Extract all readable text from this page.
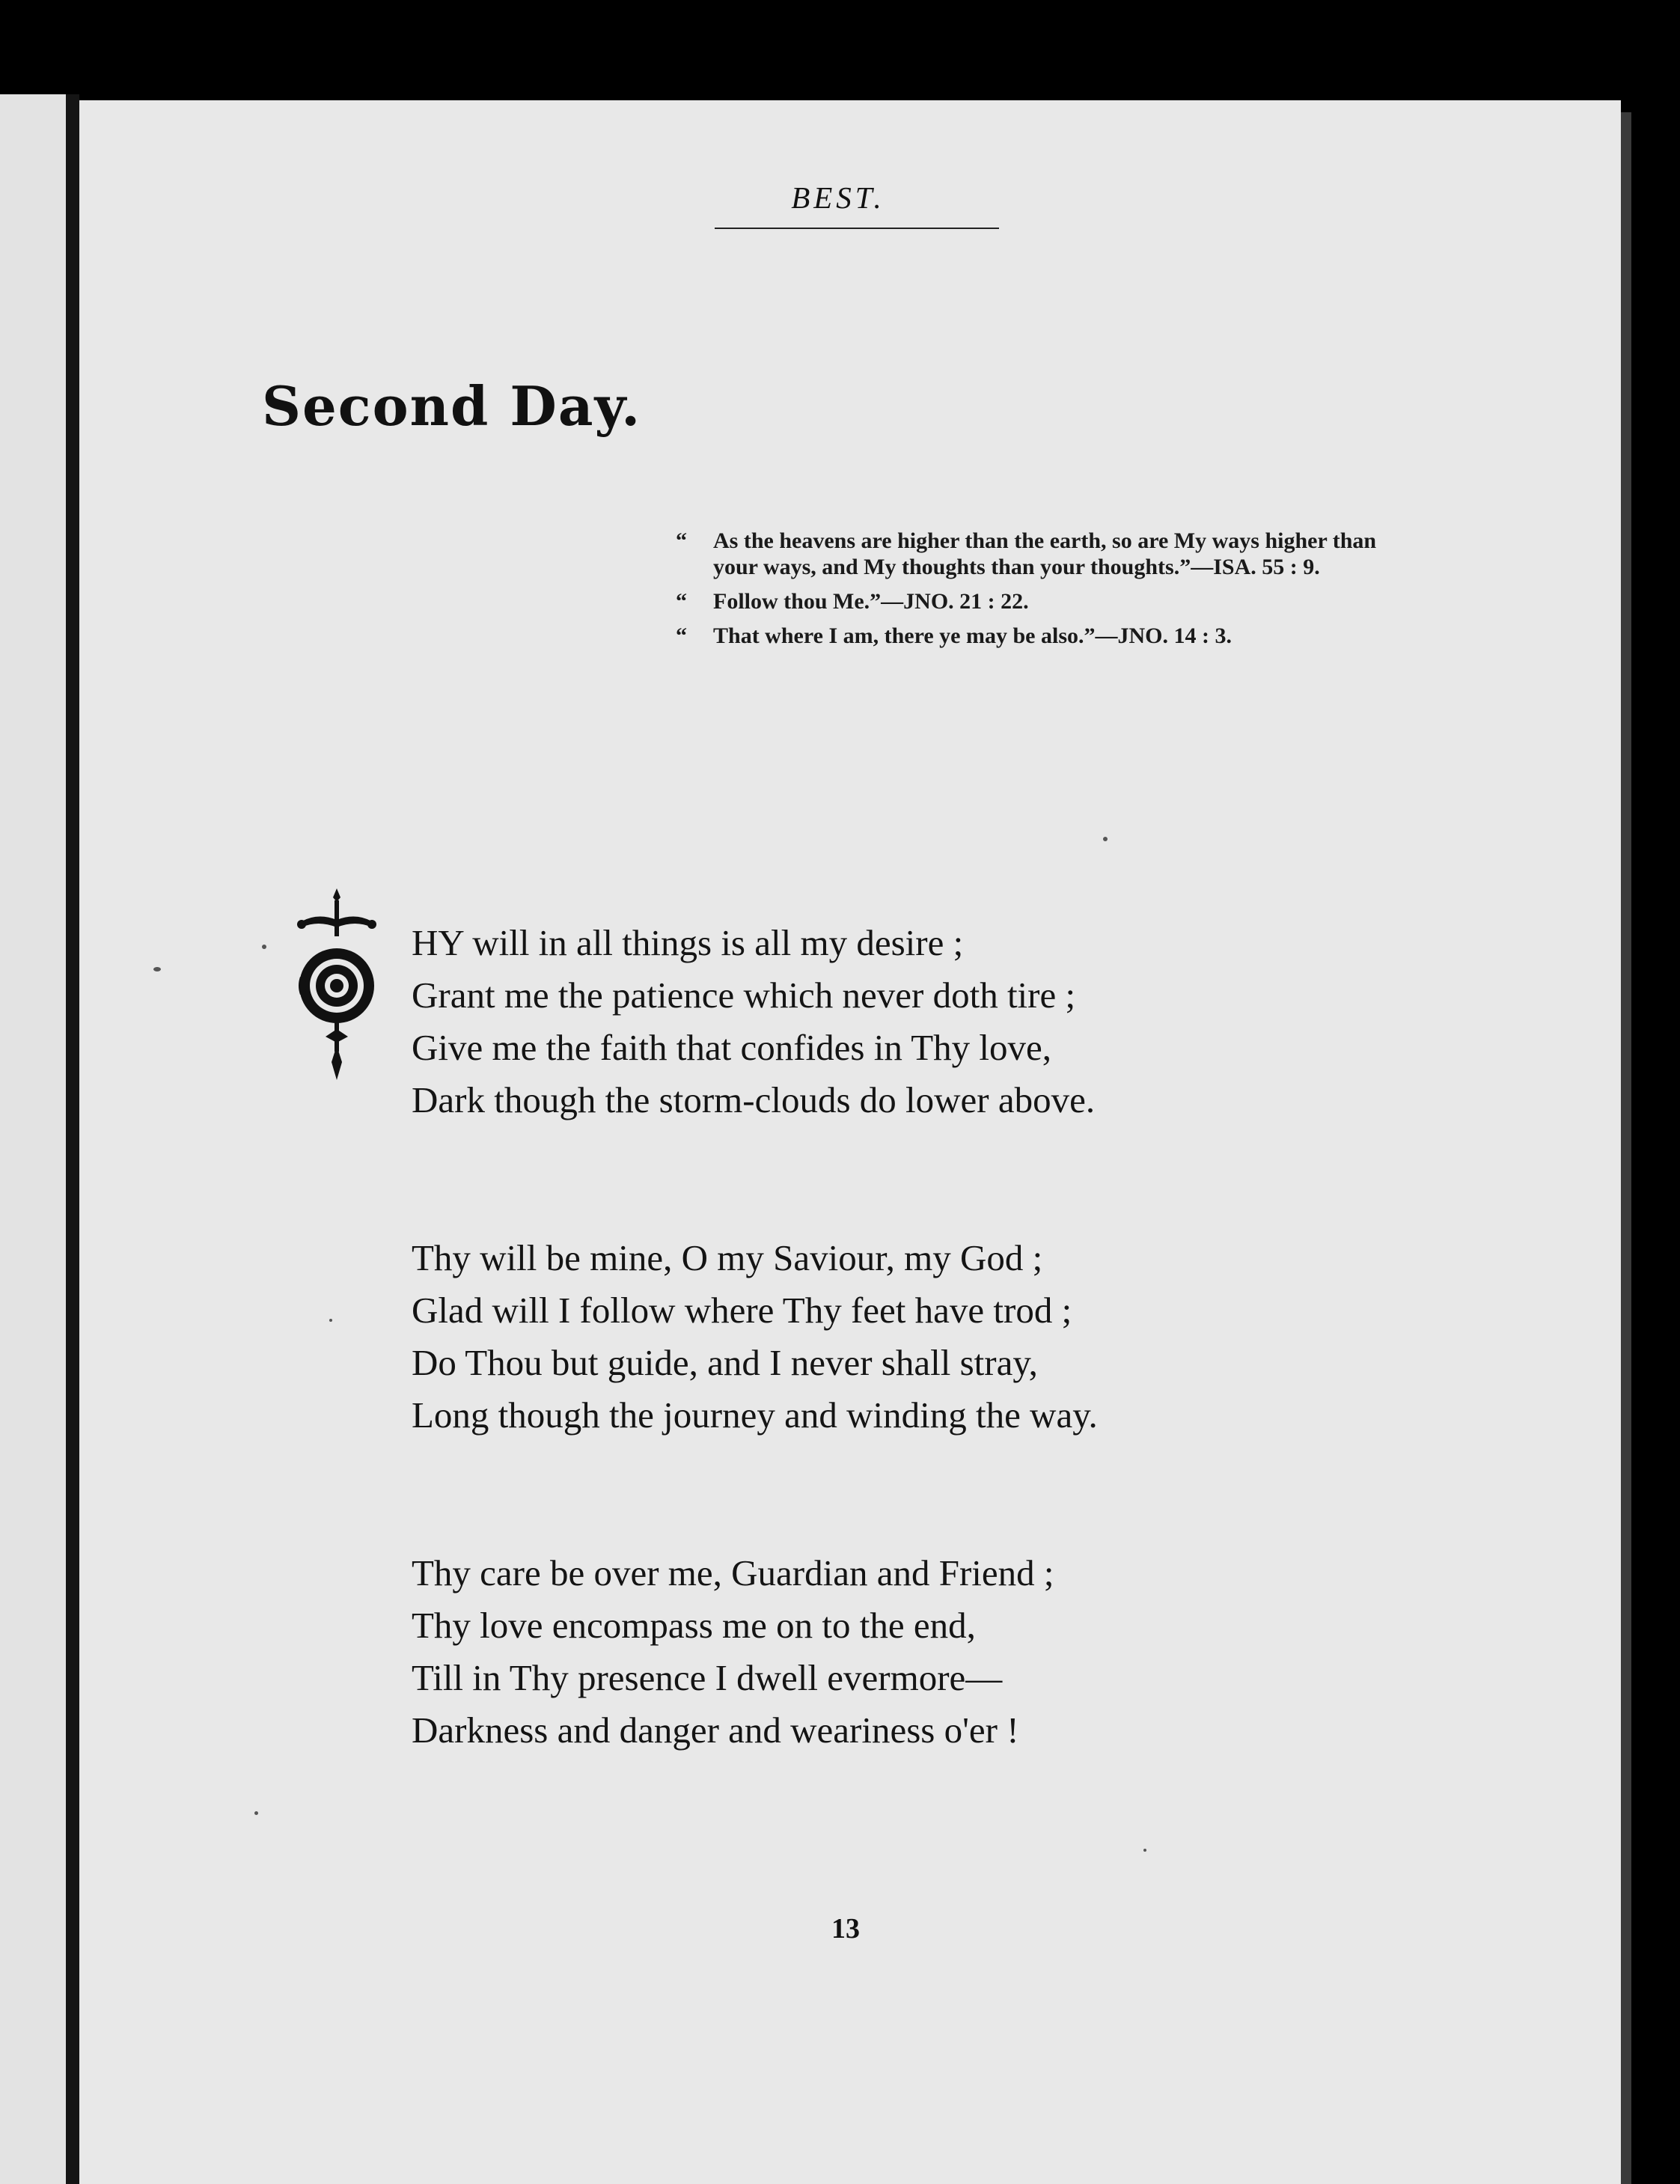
BEST.
Second Day.
“ As the heavens are higher than the earth, so are My ways higher than your ways, and My thoughts than your thoughts.”—ISA. 55 : 9.
“ Follow thou Me.”—JNO. 21 : 22.
“ That where I am, there ye may be also.”—JNO. 14 : 3.
HY will in all things is all my desire ;
Grant me the patience which never doth tire ;
Give me the faith that confides in Thy love,
Dark though the storm-clouds do lower above.
Thy will be mine, O my Saviour, my God ;
Glad will I follow where Thy feet have trod ;
Do Thou but guide, and I never shall stray,
Long though the journey and winding the way.
Thy care be over me, Guardian and Friend ;
Thy love encompass me on to the end,
Till in Thy presence I dwell evermore—
Darkness and danger and weariness o'er !
13
